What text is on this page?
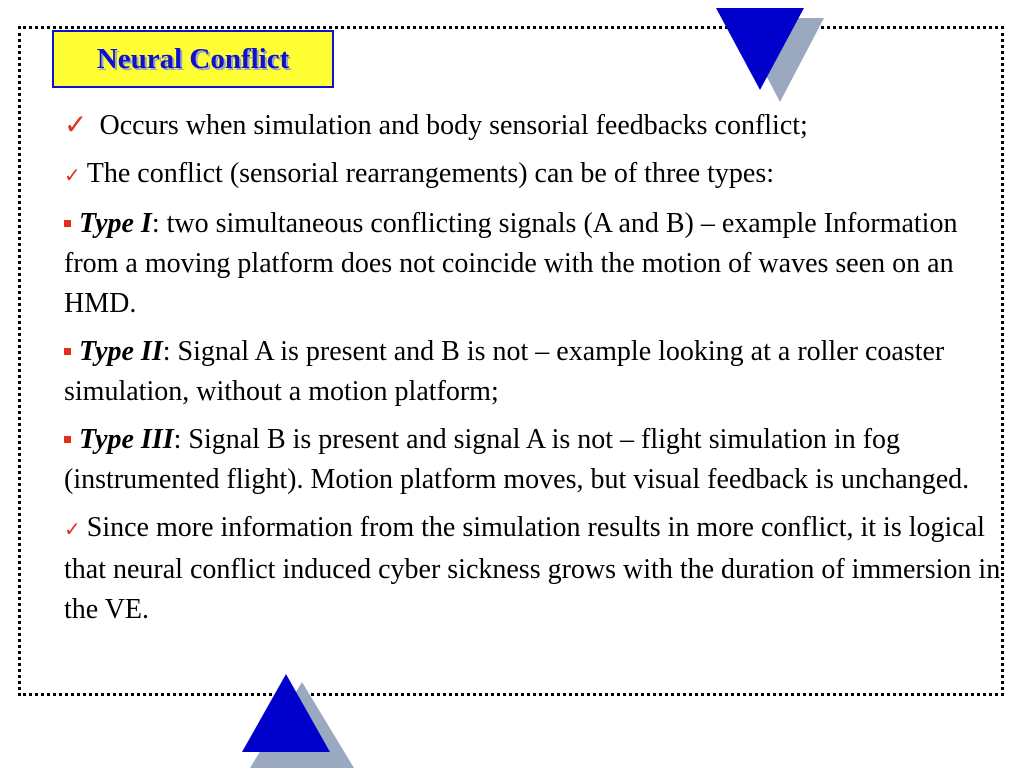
Neural Conflict
✓ Occurs when simulation and body sensorial feedbacks conflict;
✓ The conflict (sensorial rearrangements) can be of three types:
Type I: two simultaneous conflicting signals (A and B) – example Information from a moving platform does not coincide with the motion of waves seen on an HMD.
Type II: Signal A is present and B is not – example looking at a roller coaster simulation, without a motion platform;
Type III: Signal B is present and signal A is not – flight simulation in fog (instrumented flight). Motion platform moves, but visual feedback is unchanged.
✓ Since more information from the simulation results in more conflict, it is logical that neural conflict induced cyber sickness grows with the duration of immersion in the VE.
